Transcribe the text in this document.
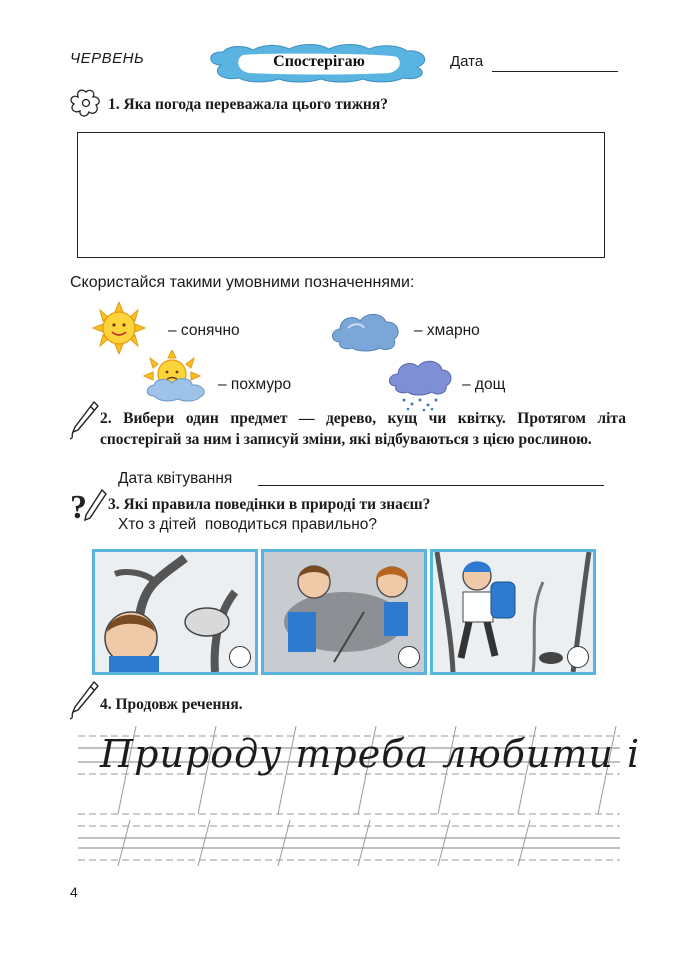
ЧЕРВЕНЬ	Спостерігаю	Дата
1. Яка погода переважала цього тижня?
Скористайся такими умовними позначеннями:
– сонячно	– хмарно
– похмуро	– дощ
2. Вибери один предмет — дерево, кущ чи квітку. Протягом літа спостерігай за ним і записуй зміни, які відбуваються з цією рослиною.
Дата квітування
? 3. Які правила поведінки в природі ти знаєш?
Хто з дітей  поводиться правильно?
4. Продовж речення.
Природу треба любити і
4
